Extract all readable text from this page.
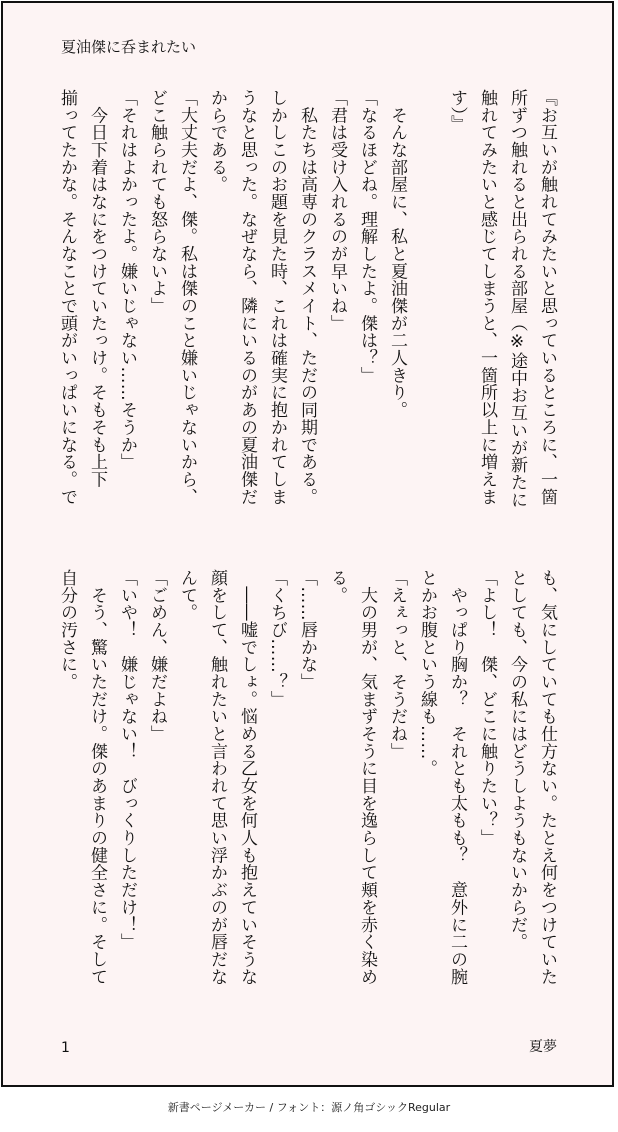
夏油傑に呑まれたい

『お互いが触れてみたいと思っているところに、一箇

所ずつ触れると出られる部屋（※途中お互いが新たに

触れてみたいと感じてしまうと、一箇所以上に増えま

す）』

　そんな部屋に、私と夏油傑が二人きり。

「なるほどね。理解したよ。傑は？」

「君は受け入れるのが早いね」

　私たちは高専のクラスメイト、ただの同期である。

しかしこのお題を見た時、これは確実に抱かれてしま

うなと思った。なぜなら、隣にいるのがあの夏油傑だ

からである。

「大丈夫だよ、傑。私は傑のこと嫌いじゃないから、

どこ触られても怒らないよ」

「それはよかったよ。嫌いじゃない……そうか」

　今日下着はなにをつけていたっけ。そもそも上下

揃ってたかな。そんなことで頭がいっぱいになる。で

も、気にしていても仕方ない。たとえ何をつけていた

としても、今の私にはどうしようもないからだ。

「よし！　傑、どこに触りたい？」

　やっぱり胸か？　それとも太もも？　意外に二の腕

とかお腹という線も……。

「えぇっと、そうだね」

　大の男が、気まずそうに目を逸らして頬を赤く染め

る。

「……唇かな」

「くちび……？」

　――嘘でしょ。悩める乙女を何人も抱えていそうな

顔をして、触れたいと言われて思い浮かぶのが唇だな

んて。

「ごめん、嫌だよね」

「いや！　嫌じゃない！　びっくりしただけ！」

　そう、驚いただけ。傑のあまりの健全さに。そして

自分の汚さに。

1	夏夢
新書ページメーカー / フォント：源ノ角ゴシックRegular
